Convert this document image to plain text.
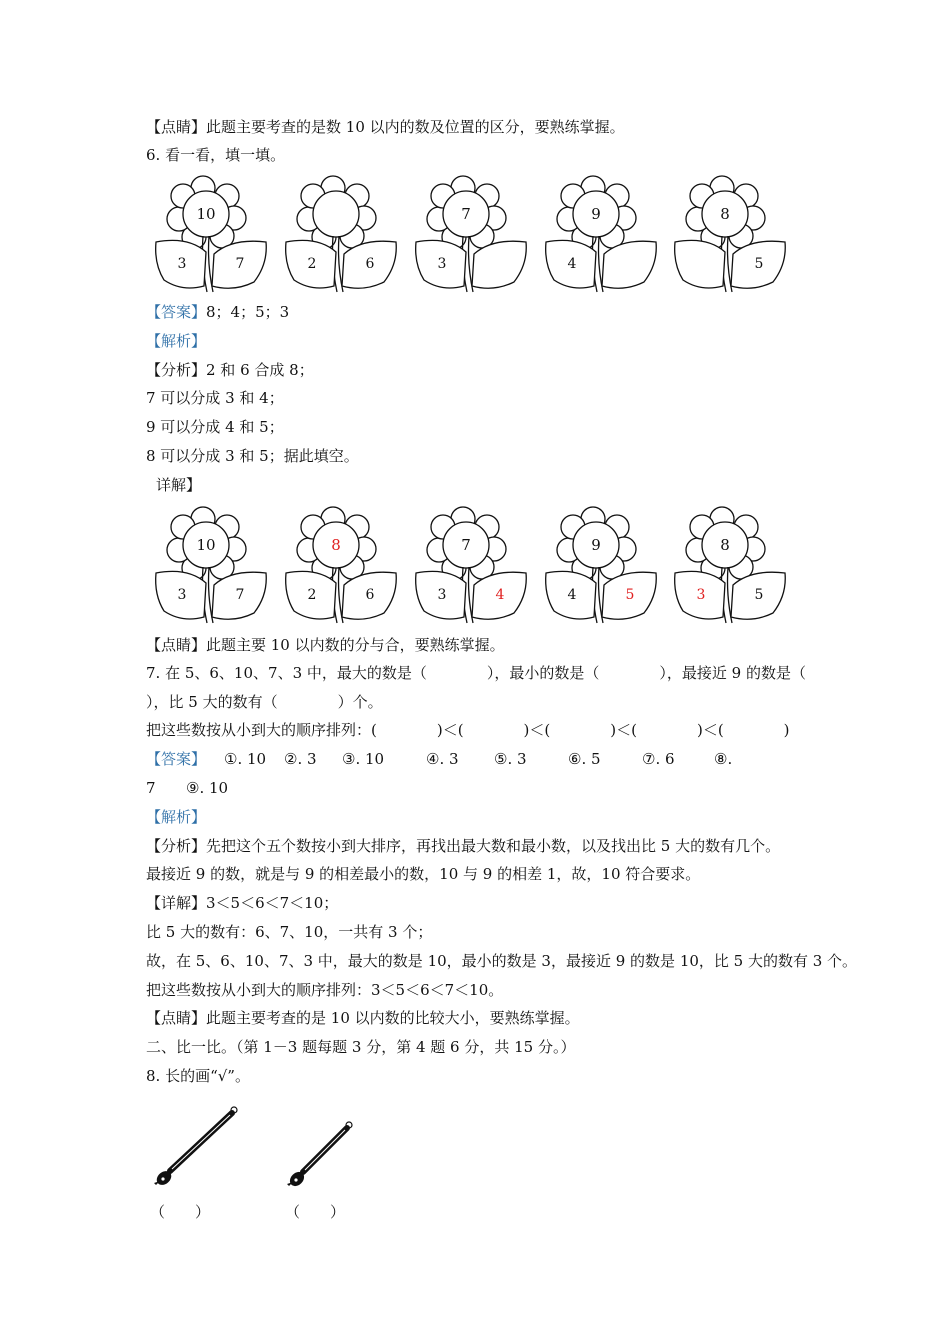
【点睛】此题主要考查的是数 10 以内的数及位置的区分，要熟练掌握。
6. 看一看，填一填。
10
3	7	2	6
7
3
9
4
8
5
【答案】8；4；5；3
【解析】
【分析】2 和 6 合成 8；
7 可以分成 3 和 4；
9 可以分成 4 和 5；
8 可以分成 3 和 5；据此填空。
详解】
10
3	7
8
2	6
7
3	4
9
4	5
8
3	5
【点睛】此题主要 10 以内数的分与合，要熟练掌握。
7. 在 5、6、10、7、3 中，最大的数是（　　　　），最小的数是（　　　　），最接近 9 的数是（
），比 5 大的数有（　　　　）个。
把这些数按从小到大的顺序排列：(　　　　)＜(　　　　)＜(　　　　)＜(　　　　)＜(　　　　)
【答案】 ①. 10 ②. 3 ③. 10	④. 3 ⑤. 3	⑥. 5	⑦. 6	⑧.
7 ⑨. 10
【解析】
【分析】先把这个五个数按小到大排序，再找出最大数和最小数，以及找出比 5 大的数有几个。
最接近 9 的数，就是与 9 的相差最小的数，10 与 9 的相差 1，故，10 符合要求。
【详解】3＜5＜6＜7＜10；
比 5 大的数有：6、7、10，一共有 3 个；
故，在 5、6、10、7、3 中，最大的数是 10，最小的数是 3，最接近 9 的数是 10，比 5 大的数有 3 个。
把这些数按从小到大的顺序排列：3＜5＜6＜7＜10。
【点睛】此题主要考查的是 10 以内数的比较大小，要熟练掌握。
二、比一比。（第 1－3 题每题 3 分，第 4 题 6 分，共 15 分。）
8. 长的画“√”。
（　　）	（　　）
